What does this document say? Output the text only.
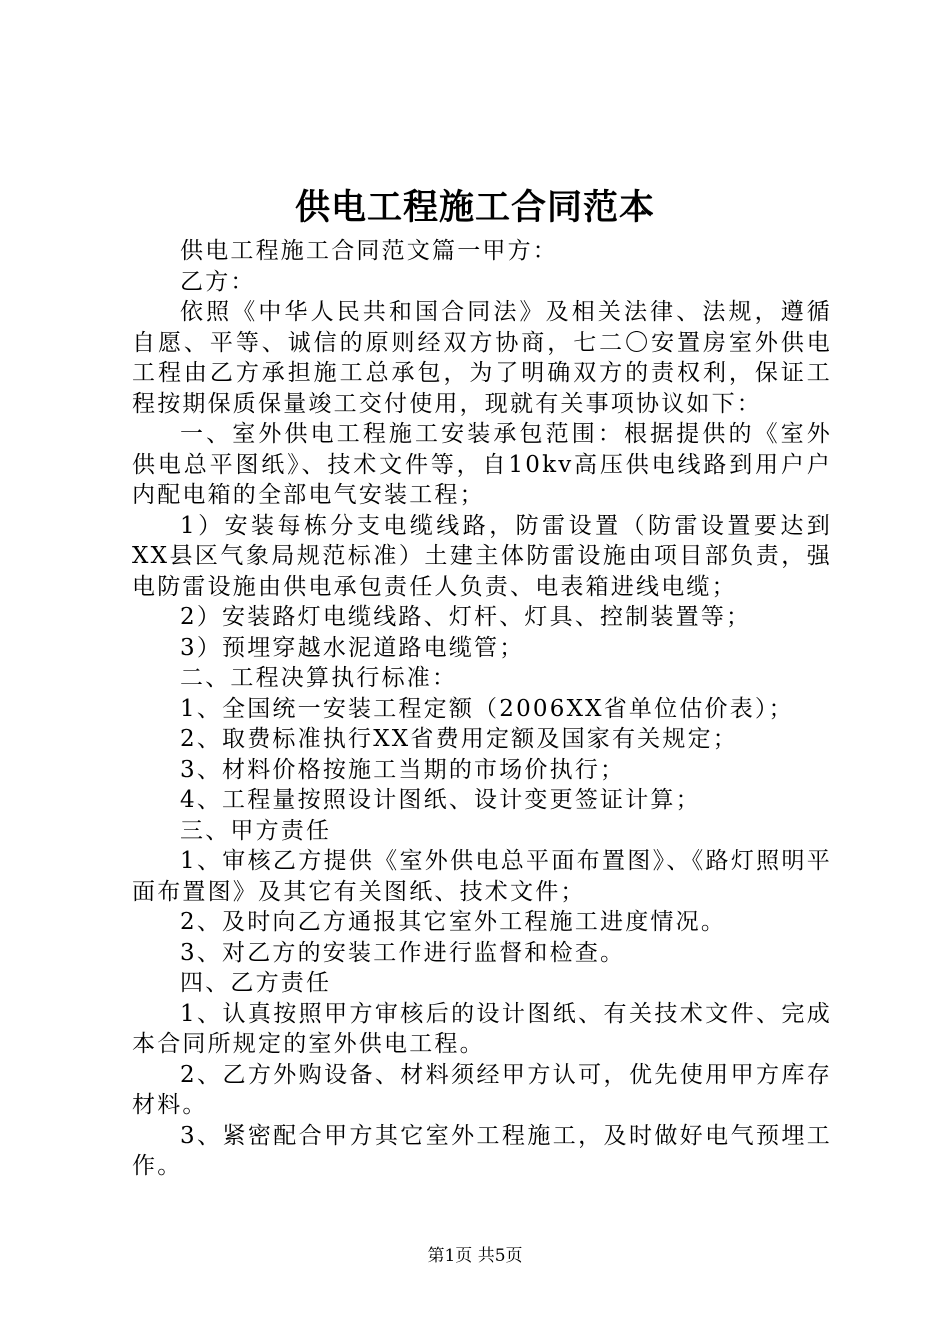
供电工程施工合同范本

供电工程施工合同范文篇一甲方：

乙方：

依照《中华人民共和国合同法》及相关法律、法规，遵循自愿、平等、诚信的原则经双方协商，七二〇安置房室外供电工程由乙方承担施工总承包，为了明确双方的责权利，保证工程按期保质保量竣工交付使用，现就有关事项协议如下：

一、室外供电工程施工安装承包范围：根据提供的《室外供电总平图纸》、技术文件等，自10kv高压供电线路到用户户内配电箱的全部电气安装工程；

1）安装每栋分支电缆线路，防雷设置（防雷设置要达到XX县区气象局规范标准）土建主体防雷设施由项目部负责，强电防雷设施由供电承包责任人负责、电表箱进线电缆；

2）安装路灯电缆线路、灯杆、灯具、控制装置等；

3）预埋穿越水泥道路电缆管；

二、工程决算执行标准：

1、全国统一安装工程定额（2006XX省单位估价表）；

2、取费标准执行XX省费用定额及国家有关规定；

3、材料价格按施工当期的市场价执行；

4、工程量按照设计图纸、设计变更签证计算；

三、甲方责任

1、审核乙方提供《室外供电总平面布置图》、《路灯照明平面布置图》及其它有关图纸、技术文件；

2、及时向乙方通报其它室外工程施工进度情况。

3、对乙方的安装工作进行监督和检查。

四、乙方责任

1、认真按照甲方审核后的设计图纸、有关技术文件、完成本合同所规定的室外供电工程。

2、乙方外购设备、材料须经甲方认可，优先使用甲方库存材料。

3、紧密配合甲方其它室外工程施工，及时做好电气预埋工作。

第1页 共5页
